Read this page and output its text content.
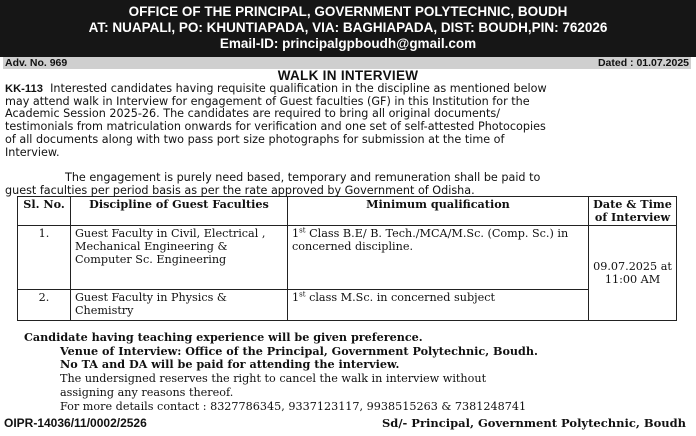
OFFICE OF THE PRINCIPAL, GOVERNMENT POLYTECHNIC, BOUDH
AT: NUAPALI, PO: KHUNTIAPADA, VIA: BAGHIAPADA, DIST: BOUDH,PIN: 762026
Email-ID: principalgpboudh@gmail.com
Adv. No. 969	Dated : 01.07.2025
WALK IN INTERVIEW
KK-113 Interested candidates having requisite qualification in the discipline as mentioned below
may attend walk in Interview for engagement of Guest faculties (GF) in this Institution for the
Academic Session 2025-26. The candidates are required to bring all original documents/
testimonials from matriculation onwards for verification and one set of self-attested Photocopies
of all documents along with two pass port size photographs for submission at the time of
Interview.
The engagement is purely need based, temporary and remuneration shall be paid to
guest faculties per period basis as per the rate approved by Government of Odisha.
Sl. No.	Discipline of Guest Faculties	Minimum qualification	Date & Time of Interview
1.	Guest Faculty in Civil, Electrical , Mechanical Engineering & Computer Sc. Engineering	1st Class B.E/ B. Tech./MCA/M.Sc. (Comp. Sc.) in concerned discipline.	09.07.2025 at 11:00 AM
2.	Guest Faculty in Physics & Chemistry	1st class M.Sc. in concerned subject	
Candidate having teaching experience will be given preference.
Venue of Interview: Office of the Principal, Government Polytechnic, Boudh.
No TA and DA will be paid for attending the interview.
The undersigned reserves the right to cancel the walk in interview without
assigning any reasons thereof.
For more details contact : 8327786345, 9337123117, 9938515263 & 7381248741
OIPR-14036/11/0002/2526	Sd/- Principal, Government Polytechnic, Boudh
